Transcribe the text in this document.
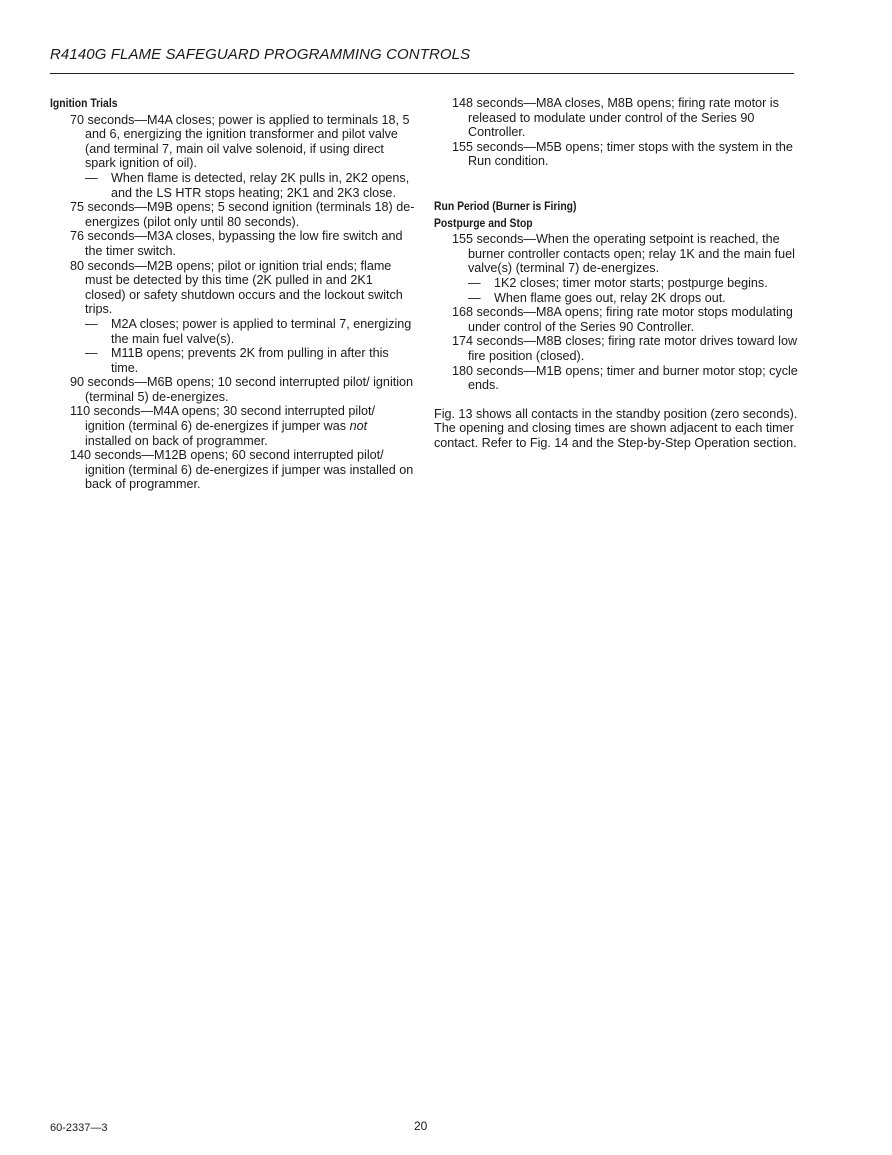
R4140G FLAME SAFEGUARD PROGRAMMING CONTROLS
Ignition Trials

70 seconds—M4A closes; power is applied to terminals 18, 5 and 6, energizing the ignition transformer and pilot valve (and terminal 7, main oil valve solenoid, if using direct spark ignition of oil).

— When flame is detected, relay 2K pulls in, 2K2 opens, and the LS HTR stops heating; 2K1 and 2K3 close.

75 seconds—M9B opens; 5 second ignition (terminals 18) de-energizes (pilot only until 80 seconds).

76 seconds—M3A closes, bypassing the low fire switch and the timer switch.

80 seconds—M2B opens; pilot or ignition trial ends; flame must be detected by this time (2K pulled in and 2K1 closed) or safety shutdown occurs and the lockout switch trips.

— M2A closes; power is applied to terminal 7, energizing the main fuel valve(s).

— M11B opens; prevents 2K from pulling in after this time.

90 seconds—M6B opens; 10 second interrupted pilot/ ignition (terminal 5) de-energizes.

110 seconds—M4A opens; 30 second interrupted pilot/ ignition (terminal 6) de-energizes if jumper was not installed on back of programmer.

140 seconds—M12B opens; 60 second interrupted pilot/ ignition (terminal 6) de-energizes if jumper was installed on back of programmer.

148 seconds—M8A closes, M8B opens; firing rate motor is released to modulate under control of the Series 90 Controller.

155 seconds—M5B opens; timer stops with the system in the Run condition.

Run Period (Burner is Firing)
Postpurge and Stop

155 seconds—When the operating setpoint is reached, the burner controller contacts open; relay 1K and the main fuel valve(s) (terminal 7) de-energizes.

— 1K2 closes; timer motor starts; postpurge begins.

— When flame goes out, relay 2K drops out.

168 seconds—M8A opens; firing rate motor stops modulating under control of the Series 90 Controller.

174 seconds—M8B closes; firing rate motor drives toward low fire position (closed).

180 seconds—M1B opens; timer and burner motor stop; cycle ends.

Fig. 13 shows all contacts in the standby position (zero seconds). The opening and closing times are shown adjacent to each timer contact. Refer to Fig. 14 and the Step-by-Step Operation section.

60-2337—3	20
